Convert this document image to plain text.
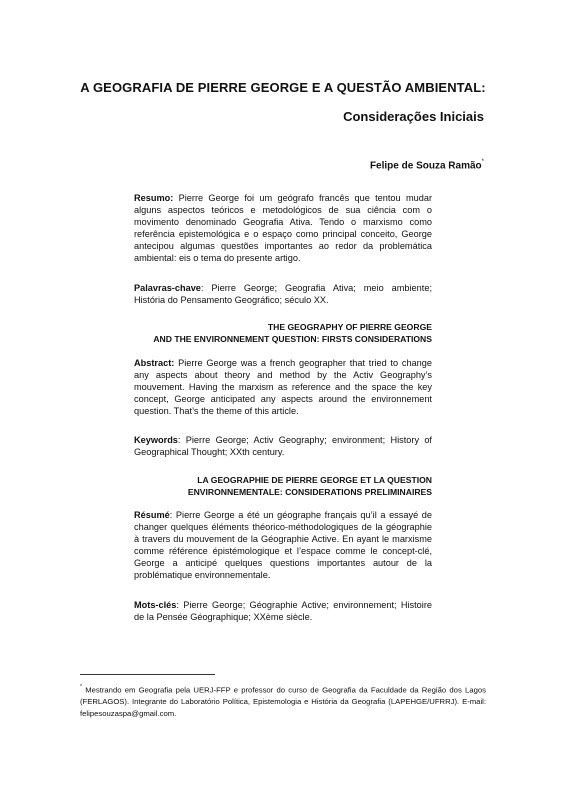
A GEOGRAFIA DE PIERRE GEORGE E A QUESTÃO AMBIENTAL:
Considerações Iniciais
Felipe de Souza Ramão*
Resumo: Pierre George foi um geógrafo francês que tentou mudar alguns aspectos teóricos e metodológicos de sua ciência com o movimento denominado Geografia Ativa. Tendo o marxismo como referência epistemológica e o espaço como principal conceito, George antecipou algumas questões importantes ao redor da problemática ambiental: eis o tema do presente artigo.
Palavras-chave: Pierre George; Geografia Ativa; meio ambiente; História do Pensamento Geográfico; século XX.
THE GEOGRAPHY OF PIERRE GEORGE
AND THE ENVIRONNEMENT QUESTION: FIRSTS CONSIDERATIONS
Abstract: Pierre George was a french geographer that tried to change any aspects about theory and method by the Activ Geography’s mouvement. Having the marxism as reference and the space the key concept, George anticipated any aspects around the environnement question. That’s the theme of this article.
Keywords: Pierre George; Activ Geography; environment; History of Geographical Thought; XXth century.
LA GEOGRAPHIE DE PIERRE GEORGE ET LA QUESTION
ENVIRONNEMENTALE: CONSIDERATIONS PRELIMINAIRES
Résumé: Pierre George a été un géographe français qu’il a essayé de changer quelques éléments théorico-méthodologiques de la géographie à travers du mouvement de la Géographie Active. En ayant le marxisme comme référence épistémologique et l’espace comme le concept-clé, George a anticipé quelques questions importantes autour de la problématique environnementale.
Mots-clés: Pierre George; Géographie Active; environnement; Histoire de la Pensée Géographique; XXème siècle.
* Mestrando em Geografia pela UERJ-FFP e professor do curso de Geografia da Faculdade da Região dos Lagos (FERLAGOS). Integrante do Laboratório Política, Epistemologia e História da Geografia (LAPEHGE/UFRRJ). E-mail: felipesouzaspa@gmail.com.
